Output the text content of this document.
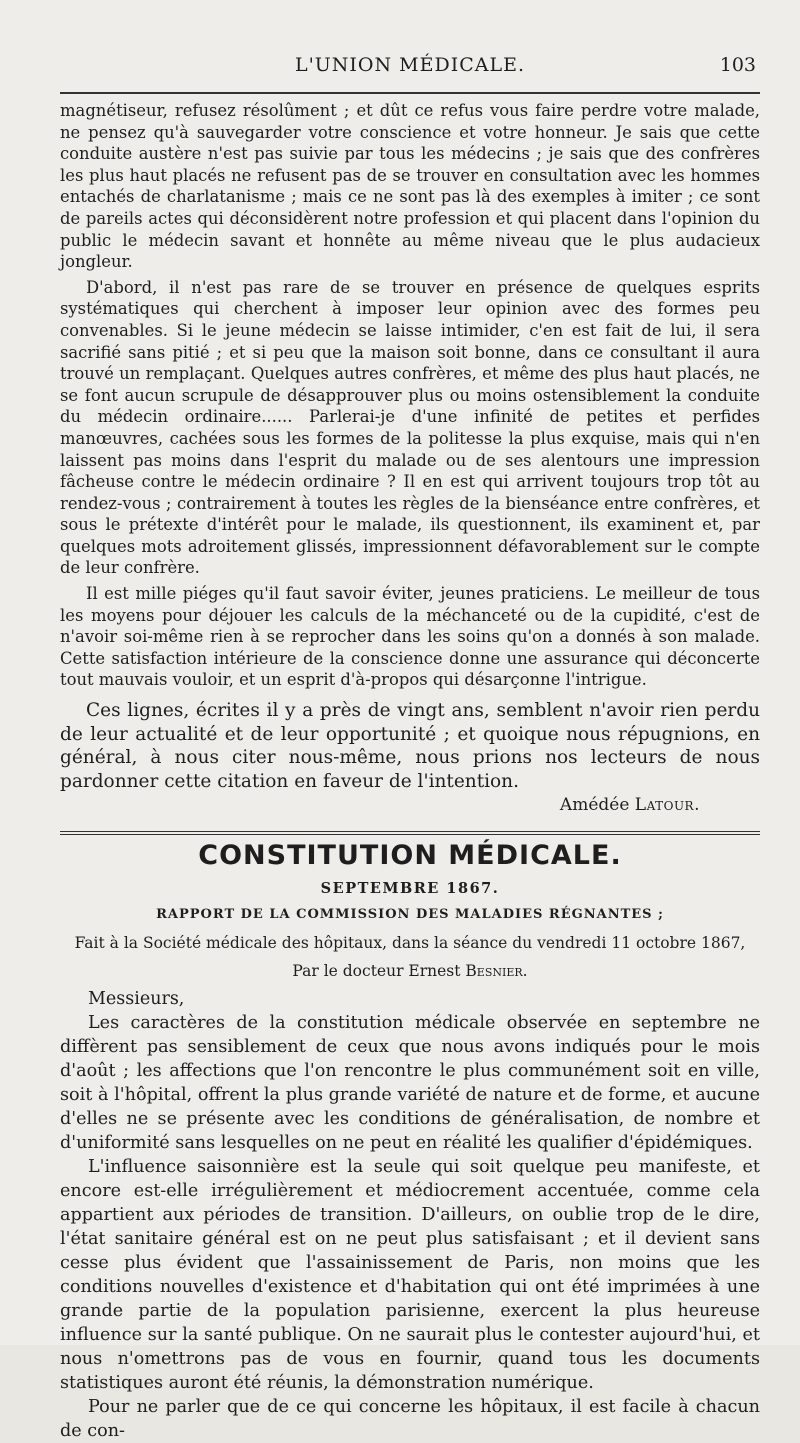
L'UNION MÉDICALE.	103

magnétiseur, refusez résolûment ; et dût ce refus vous faire perdre votre malade, ne pensez qu'à sauvegarder votre conscience et votre honneur. Je sais que cette conduite austère n'est pas suivie par tous les médecins ; je sais que des confrères les plus haut placés ne refusent pas de se trouver en consultation avec les hommes entachés de charlatanisme ; mais ce ne sont pas là des exemples à imiter ; ce sont de pareils actes qui déconsidèrent notre profession et qui placent dans l'opinion du public le médecin savant et honnête au même niveau que le plus audacieux jongleur.

D'abord, il n'est pas rare de se trouver en présence de quelques esprits systématiques qui cherchent à imposer leur opinion avec des formes peu convenables. Si le jeune médecin se laisse intimider, c'en est fait de lui, il sera sacrifié sans pitié ; et si peu que la maison soit bonne, dans ce consultant il aura trouvé un remplaçant. Quelques autres confrères, et même des plus haut placés, ne se font aucun scrupule de désapprouver plus ou moins ostensiblement la conduite du médecin ordinaire...... Parlerai-je d'une infinité de petites et perfides manœuvres, cachées sous les formes de la politesse la plus exquise, mais qui n'en laissent pas moins dans l'esprit du malade ou de ses alentours une impression fâcheuse contre le médecin ordinaire ? Il en est qui arrivent toujours trop tôt au rendez-vous ; contrairement à toutes les règles de la bienséance entre confrères, et sous le prétexte d'intérêt pour le malade, ils questionnent, ils examinent et, par quelques mots adroitement glissés, impressionnent défavorablement sur le compte de leur confrère.

Il est mille piéges qu'il faut savoir éviter, jeunes praticiens. Le meilleur de tous les moyens pour déjouer les calculs de la méchanceté ou de la cupidité, c'est de n'avoir soi-même rien à se reprocher dans les soins qu'on a donnés à son malade. Cette satisfaction intérieure de la conscience donne une assurance qui déconcerte tout mauvais vouloir, et un esprit d'à-propos qui désarçonne l'intrigue.

Ces lignes, écrites il y a près de vingt ans, semblent n'avoir rien perdu de leur actualité et de leur opportunité ; et quoique nous répugnions, en général, à nous citer nous-même, nous prions nos lecteurs de nous pardonner cette citation en faveur de l'intention.

Amédée Latour.

CONSTITUTION MÉDICALE.

SEPTEMBRE 1867.

RAPPORT DE LA COMMISSION DES MALADIES RÉGNANTES ;

Fait à la Société médicale des hôpitaux, dans la séance du vendredi 11 octobre 1867,

Par le docteur Ernest Besnier.

Messieurs,

Les caractères de la constitution médicale observée en septembre ne diffèrent pas sensiblement de ceux que nous avons indiqués pour le mois d'août ; les affections que l'on rencontre le plus communément soit en ville, soit à l'hôpital, offrent la plus grande variété de nature et de forme, et aucune d'elles ne se présente avec les conditions de généralisation, de nombre et d'uniformité sans lesquelles on ne peut en réalité les qualifier d'épidémiques.

L'influence saisonnière est la seule qui soit quelque peu manifeste, et encore est-elle irrégulièrement et médiocrement accentuée, comme cela appartient aux périodes de transition. D'ailleurs, on oublie trop de le dire, l'état sanitaire général est on ne peut plus satisfaisant ; et il devient sans cesse plus évident que l'assainissement de Paris, non moins que les conditions nouvelles d'existence et d'habitation qui ont été imprimées à une grande partie de la population parisienne, exercent la plus heureuse influence sur la santé publique. On ne saurait plus le contester aujourd'hui, et nous n'omettrons pas de vous en fournir, quand tous les documents statistiques auront été réunis, la démonstration numérique.

Pour ne parler que de ce qui concerne les hôpitaux, il est facile à chacun de con-
